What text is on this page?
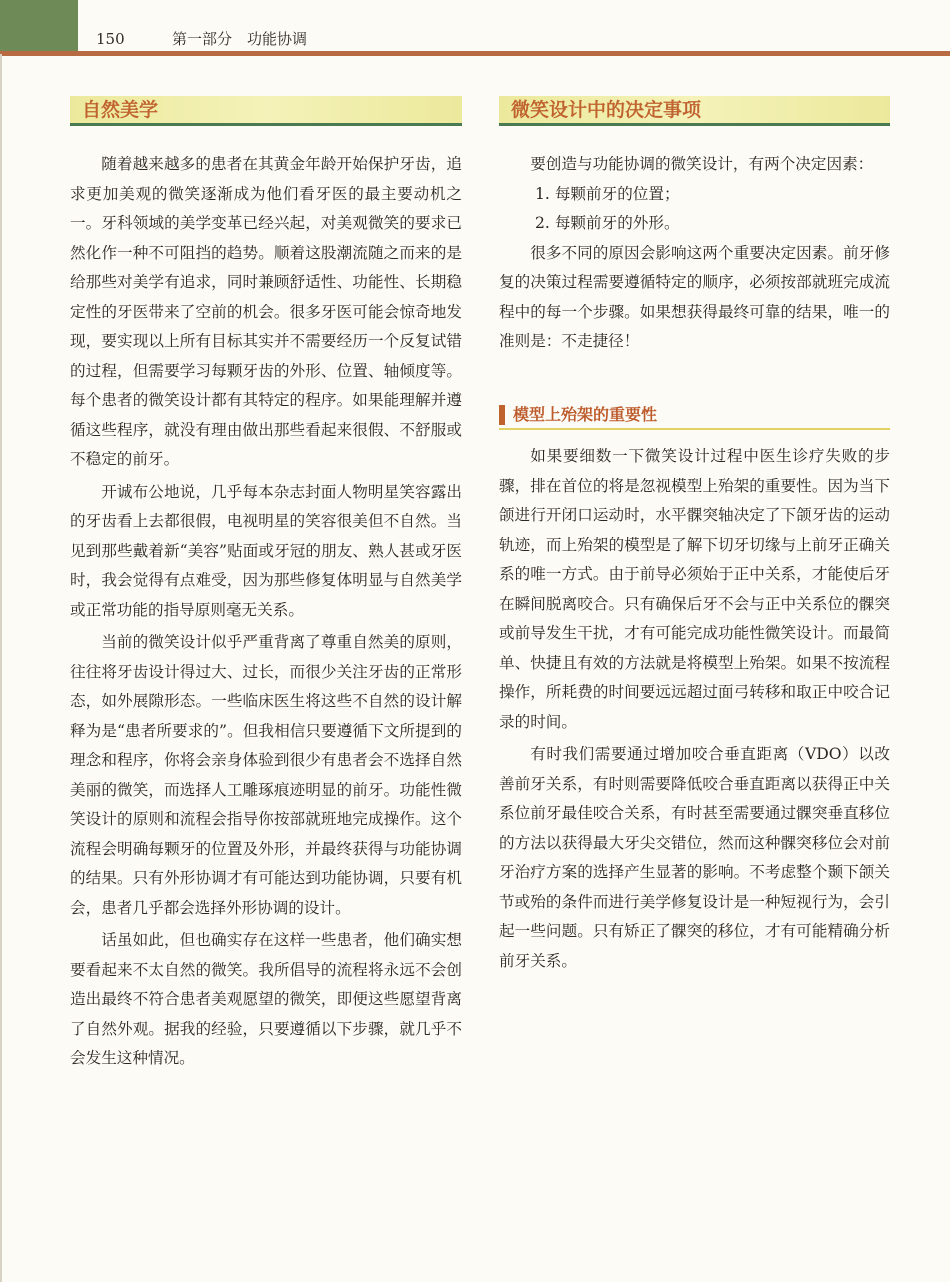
150	第一部分　功能协调
自然美学

随着越来越多的患者在其黄金年龄开始保护牙齿，追求更加美观的微笑逐渐成为他们看牙医的最主要动机之一。牙科领域的美学变革已经兴起，对美观微笑的要求已然化作一种不可阻挡的趋势。顺着这股潮流随之而来的是给那些对美学有追求，同时兼顾舒适性、功能性、长期稳定性的牙医带来了空前的机会。很多牙医可能会惊奇地发现，要实现以上所有目标其实并不需要经历一个反复试错的过程，但需要学习每颗牙齿的外形、位置、轴倾度等。每个患者的微笑设计都有其特定的程序。如果能理解并遵循这些程序，就没有理由做出那些看起来很假、不舒服或不稳定的前牙。

开诚布公地说，几乎每本杂志封面人物明星笑容露出的牙齿看上去都很假，电视明星的笑容很美但不自然。当见到那些戴着新“美容”贴面或牙冠的朋友、熟人甚或牙医时，我会觉得有点难受，因为那些修复体明显与自然美学或正常功能的指导原则毫无关系。

当前的微笑设计似乎严重背离了尊重自然美的原则，往往将牙齿设计得过大、过长，而很少关注牙齿的正常形态，如外展隙形态。一些临床医生将这些不自然的设计解释为是“患者所要求的”。但我相信只要遵循下文所提到的理念和程序，你将会亲身体验到很少有患者会不选择自然美丽的微笑，而选择人工雕琢痕迹明显的前牙。功能性微笑设计的原则和流程会指导你按部就班地完成操作。这个流程会明确每颗牙的位置及外形，并最终获得与功能协调的结果。只有外形协调才有可能达到功能协调，只要有机会，患者几乎都会选择外形协调的设计。

话虽如此，但也确实存在这样一些患者，他们确实想要看起来不太自然的微笑。我所倡导的流程将永远不会创造出最终不符合患者美观愿望的微笑，即便这些愿望背离了自然外观。据我的经验，只要遵循以下步骤，就几乎不会发生这种情况。

微笑设计中的决定事项

要创造与功能协调的微笑设计，有两个决定因素：

1. 每颗前牙的位置；

2. 每颗前牙的外形。

很多不同的原因会影响这两个重要决定因素。前牙修复的决策过程需要遵循特定的顺序，必须按部就班完成流程中的每一个步骤。如果想获得最终可靠的结果，唯一的准则是：不走捷径！

模型上殆架的重要性

如果要细数一下微笑设计过程中医生诊疗失败的步骤，排在首位的将是忽视模型上殆架的重要性。因为当下颌进行开闭口运动时，水平髁突轴决定了下颌牙齿的运动轨迹，而上殆架的模型是了解下切牙切缘与上前牙正确关系的唯一方式。由于前导必须始于正中关系，才能使后牙在瞬间脱离咬合。只有确保后牙不会与正中关系位的髁突或前导发生干扰，才有可能完成功能性微笑设计。而最简单、快捷且有效的方法就是将模型上殆架。如果不按流程操作，所耗费的时间要远远超过面弓转移和取正中咬合记录的时间。

有时我们需要通过增加咬合垂直距离（VDO）以改善前牙关系，有时则需要降低咬合垂直距离以获得正中关系位前牙最佳咬合关系，有时甚至需要通过髁突垂直移位的方法以获得最大牙尖交错位，然而这种髁突移位会对前牙治疗方案的选择产生显著的影响。不考虑整个颞下颌关节或殆的条件而进行美学修复设计是一种短视行为，会引起一些问题。只有矫正了髁突的移位，才有可能精确分析前牙关系。
